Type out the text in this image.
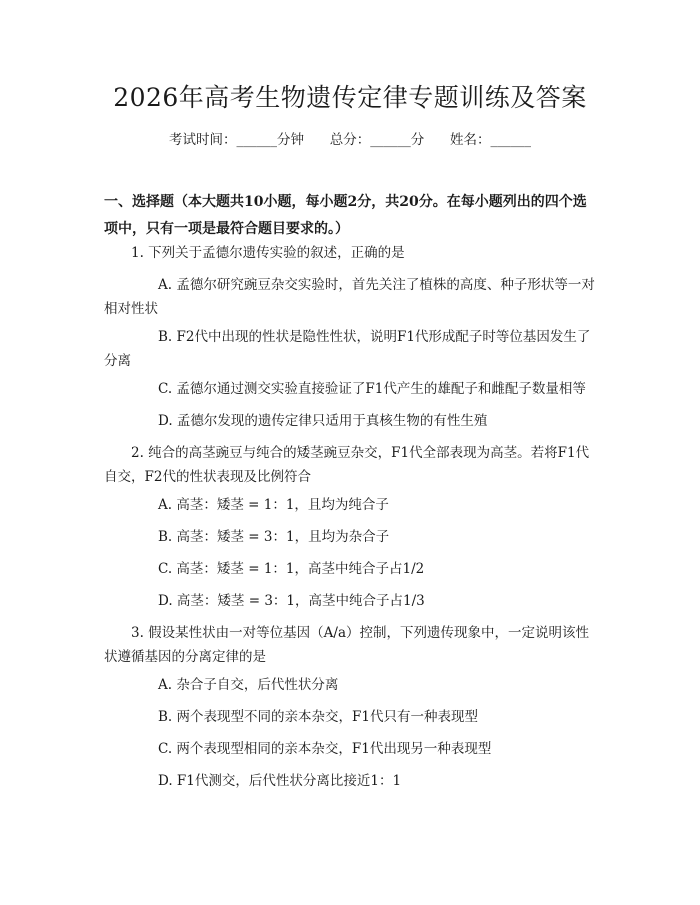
2026年高考生物遗传定律专题训练及答案
考试时间：______分钟      总分：______分      姓名：______
一、选择题（本大题共10小题，每小题2分，共20分。在每小题列出的四个选项中，只有一项是最符合题目要求的。）
1. 下列关于孟德尔遗传实验的叙述，正确的是
A. 孟德尔研究豌豆杂交实验时，首先关注了植株的高度、种子形状等一对相对性状
B. F2代中出现的性状是隐性性状，说明F1代形成配子时等位基因发生了分离
C. 孟德尔通过测交实验直接验证了F1代产生的雄配子和雌配子数量相等
D. 孟德尔发现的遗传定律只适用于真核生物的有性生殖
2. 纯合的高茎豌豆与纯合的矮茎豌豆杂交，F1代全部表现为高茎。若将F1代自交，F2代的性状表现及比例符合
A. 高茎：矮茎 = 1：1，且均为纯合子
B. 高茎：矮茎 = 3：1，且均为杂合子
C. 高茎：矮茎 = 1：1，高茎中纯合子占1/2
D. 高茎：矮茎 = 3：1，高茎中纯合子占1/3
3. 假设某性状由一对等位基因（A/a）控制，下列遗传现象中，一定说明该性状遵循基因的分离定律的是
A. 杂合子自交，后代性状分离
B. 两个表现型不同的亲本杂交，F1代只有一种表现型
C. 两个表现型相同的亲本杂交，F1代出现另一种表现型
D. F1代测交，后代性状分离比接近1：1
